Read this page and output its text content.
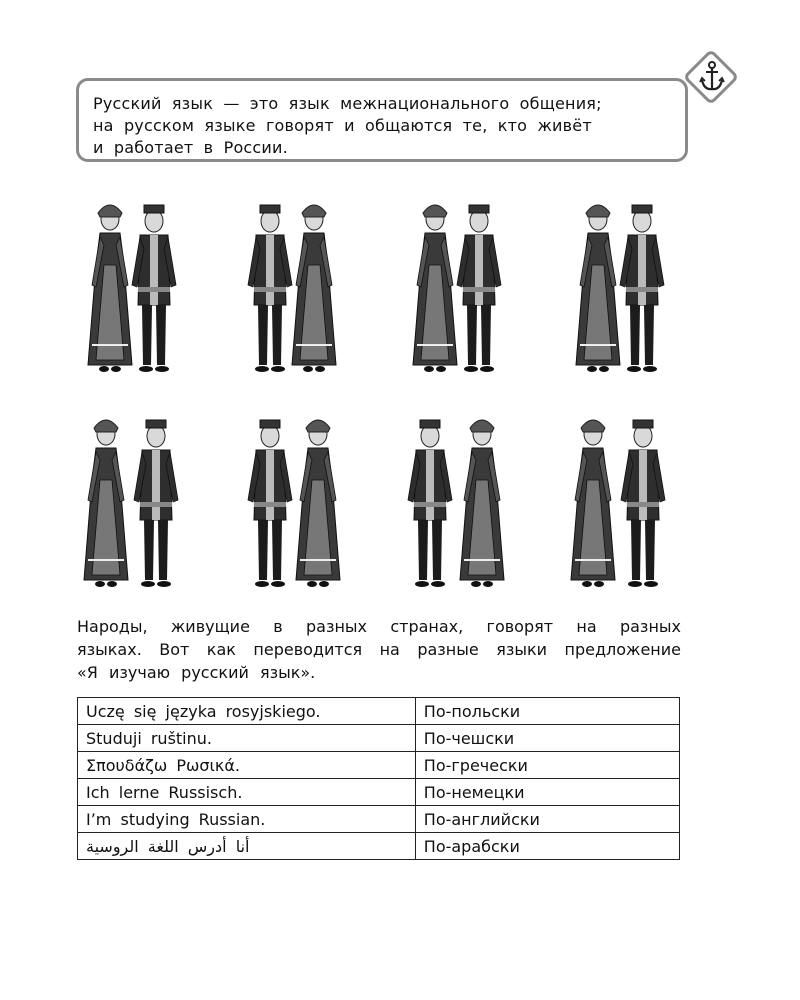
Русский язык — это язык межнационального общения;
на русском языке говорят и общаются те, кто живёт
и работает в России.
Народы, живущие в разных странах, говорят на разных
языках. Вот как переводится на разные языки предложение
«Я изучаю русский язык».
Uczę się języka rosyjskiego.	По-польски
Studuji ruštinu.	По-чешски
Σπουδάζω Ρωσικά.	По-гречески
Ich lerne Russisch.	По-немецки
I’m studying Russian.	По-английски
أنا أدرس اللغة الروسية	По-арабски
